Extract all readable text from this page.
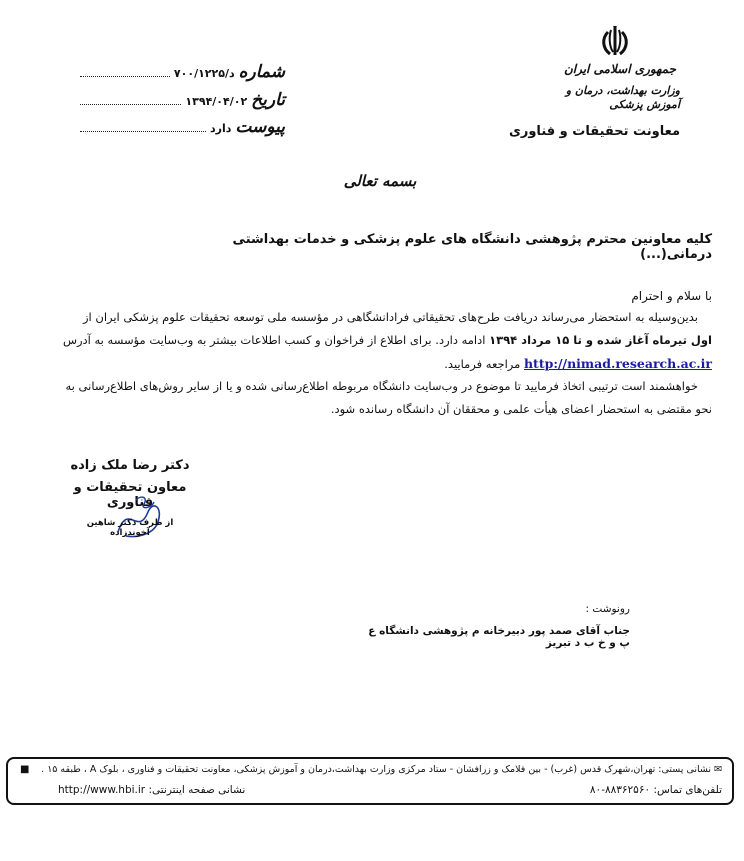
جمهوری اسلامی ایران
وزارت بهداشت، درمان و آموزش پزشکی
معاونت تحقیقات و فناوری
شماره
۷۰۰/د/۱۲۲۵
تاریخ
۱۳۹۴/۰۴/۰۲
پیوست
دارد
بسمه تعالی
کلیه معاونین محترم پژوهشی دانشگاه های علوم پزشکی و خدمات بهداشتی درمانی(...)
با سلام و احترام
بدین‌وسیله به استحضار می‌رساند دریافت طرح‌های تحقیقاتی فرادانشگاهی در مؤسسه ملی توسعه تحقیقات علوم پزشکی ایران از اول تیرماه آغاز شده و تا ۱۵ مرداد ۱۳۹۴ ادامه دارد. برای اطلاع از فراخوان و کسب اطلاعات بیشتر به وب‌سایت مؤسسه به آدرس http://nimad.research.ac.ir مراجعه فرمایید.
خواهشمند است ترتیبی اتخاذ فرمایید تا موضوع در وب‌سایت دانشگاه مربوطه اطلاع‌رسانی شده و یا از سایر روش‌های اطلاع‌رسانی به نحو مقتضی به استحضار اعضای هیأت علمی و محققان آن دانشگاه رسانده شود.
دکتر رضا ملک زاده
معاون تحقیقات و فناوری
از طرف دکتر شاهین آخوندزاده
رونوشت :
جناب آقای صمد پور دبیرخانه م پژوهشی دانشگاه ع پ و خ ب د تبریز
✉ نشانی پستی: تهران،شهرک قدس (غرب) - بین فلامک و زرافشان - ستاد مرکزی وزارت بهداشت،درمان و آموزش پزشکی، معاونت تحقیقات و فناوری ، بلوک A ، طبقه ۱۵ .
■
تلفن‌های تماس: ۸۸۳۶۲۵۶۰-۸۰
نشانی صفحه اینترنتی: http://www.hbi.ir
